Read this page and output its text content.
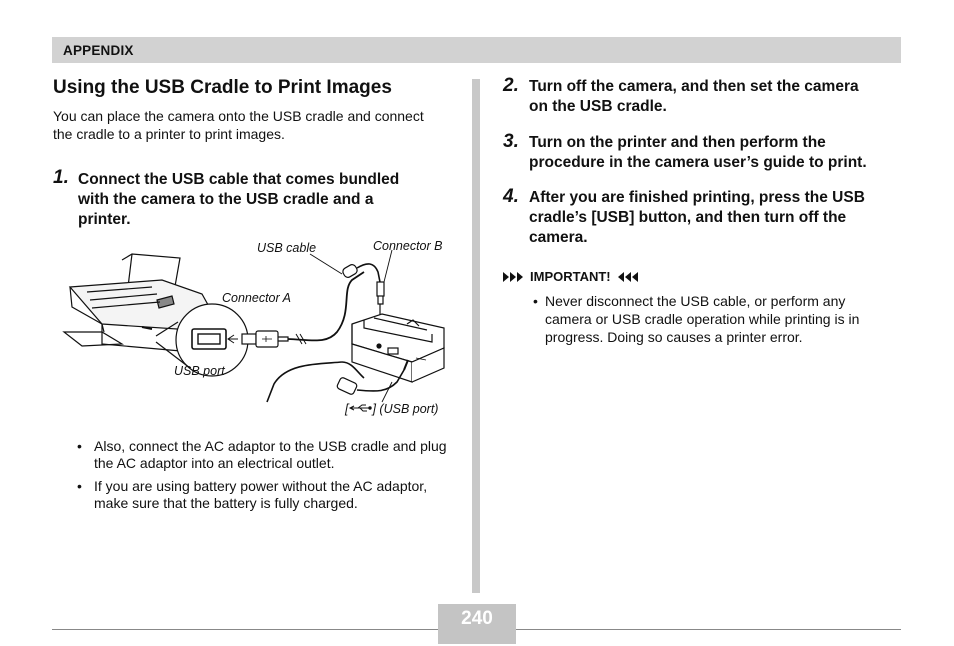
APPENDIX
Using the USB Cradle to Print Images
You can place the camera onto the USB cradle and connect the cradle to a printer to print images.
1. Connect the USB cable that comes bundled
with the camera to the USB cradle and a
printer.
USB cable	Connector B
Connector A
USB port
[ ] (USB port)
• Also, connect the AC adaptor to the USB cradle and plug the AC adaptor into an electrical outlet.
• If you are using battery power without the AC adaptor, make sure that the battery is fully charged.
2. Turn off the camera, and then set the camera
on the USB cradle.
3. Turn on the printer and then perform the
procedure in the camera user’s guide to print.
4. After you are finished printing, press the USB
cradle’s [USB] button, and then turn off the
camera.
IMPORTANT!
• Never disconnect the USB cable, or perform any camera or USB cradle operation while printing is in progress. Doing so causes a printer error.
240
